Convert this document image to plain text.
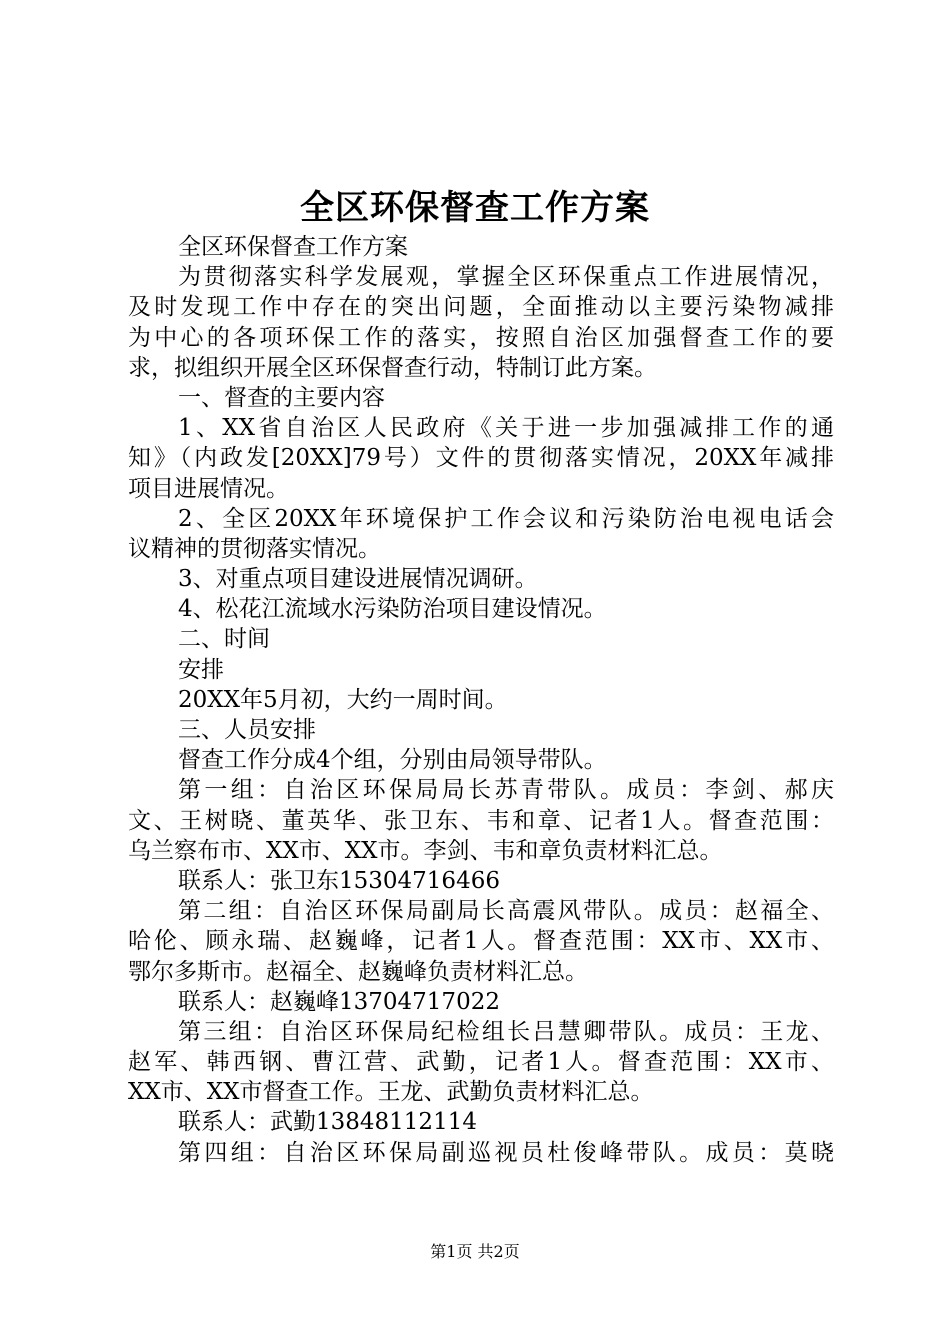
全区环保督查工作方案
全区环保督查工作方案
为贯彻落实科学发展观，掌握全区环保重点工作进展情况，
及时发现工作中存在的突出问题，全面推动以主要污染物减排
为中心的各项环保工作的落实，按照自治区加强督查工作的要
求，拟组织开展全区环保督查行动，特制订此方案。
一、督查的主要内容
1、XX省自治区人民政府《关于进一步加强减排工作的通
知》（内政发[20XX]79号）文件的贯彻落实情况，20XX年减排
项目进展情况。
2、全区20XX年环境保护工作会议和污染防治电视电话会
议精神的贯彻落实情况。
3、对重点项目建设进展情况调研。
4、松花江流域水污染防治项目建设情况。
二、时间
安排
20XX年5月初，大约一周时间。
三、人员安排
督查工作分成4个组，分别由局领导带队。
第一组：自治区环保局局长苏青带队。成员：李剑、郝庆
文、王树晓、董英华、张卫东、韦和章、记者1人。督查范围：
乌兰察布市、XX市、XX市。李剑、韦和章负责材料汇总。
联系人：张卫东15304716466
第二组：自治区环保局副局长高震风带队。成员：赵福全、
哈伦、顾永瑞、赵巍峰，记者1人。督查范围：XX市、XX市、
鄂尔多斯市。赵福全、赵巍峰负责材料汇总。
联系人：赵巍峰13704717022
第三组：自治区环保局纪检组长吕慧卿带队。成员：王龙、
赵军、韩西钢、曹江营、武勤，记者1人。督查范围：XX市、
XX市、XX市督查工作。王龙、武勤负责材料汇总。
联系人：武勤13848112114
第四组：自治区环保局副巡视员杜俊峰带队。成员：莫晓
第1页 共2页
